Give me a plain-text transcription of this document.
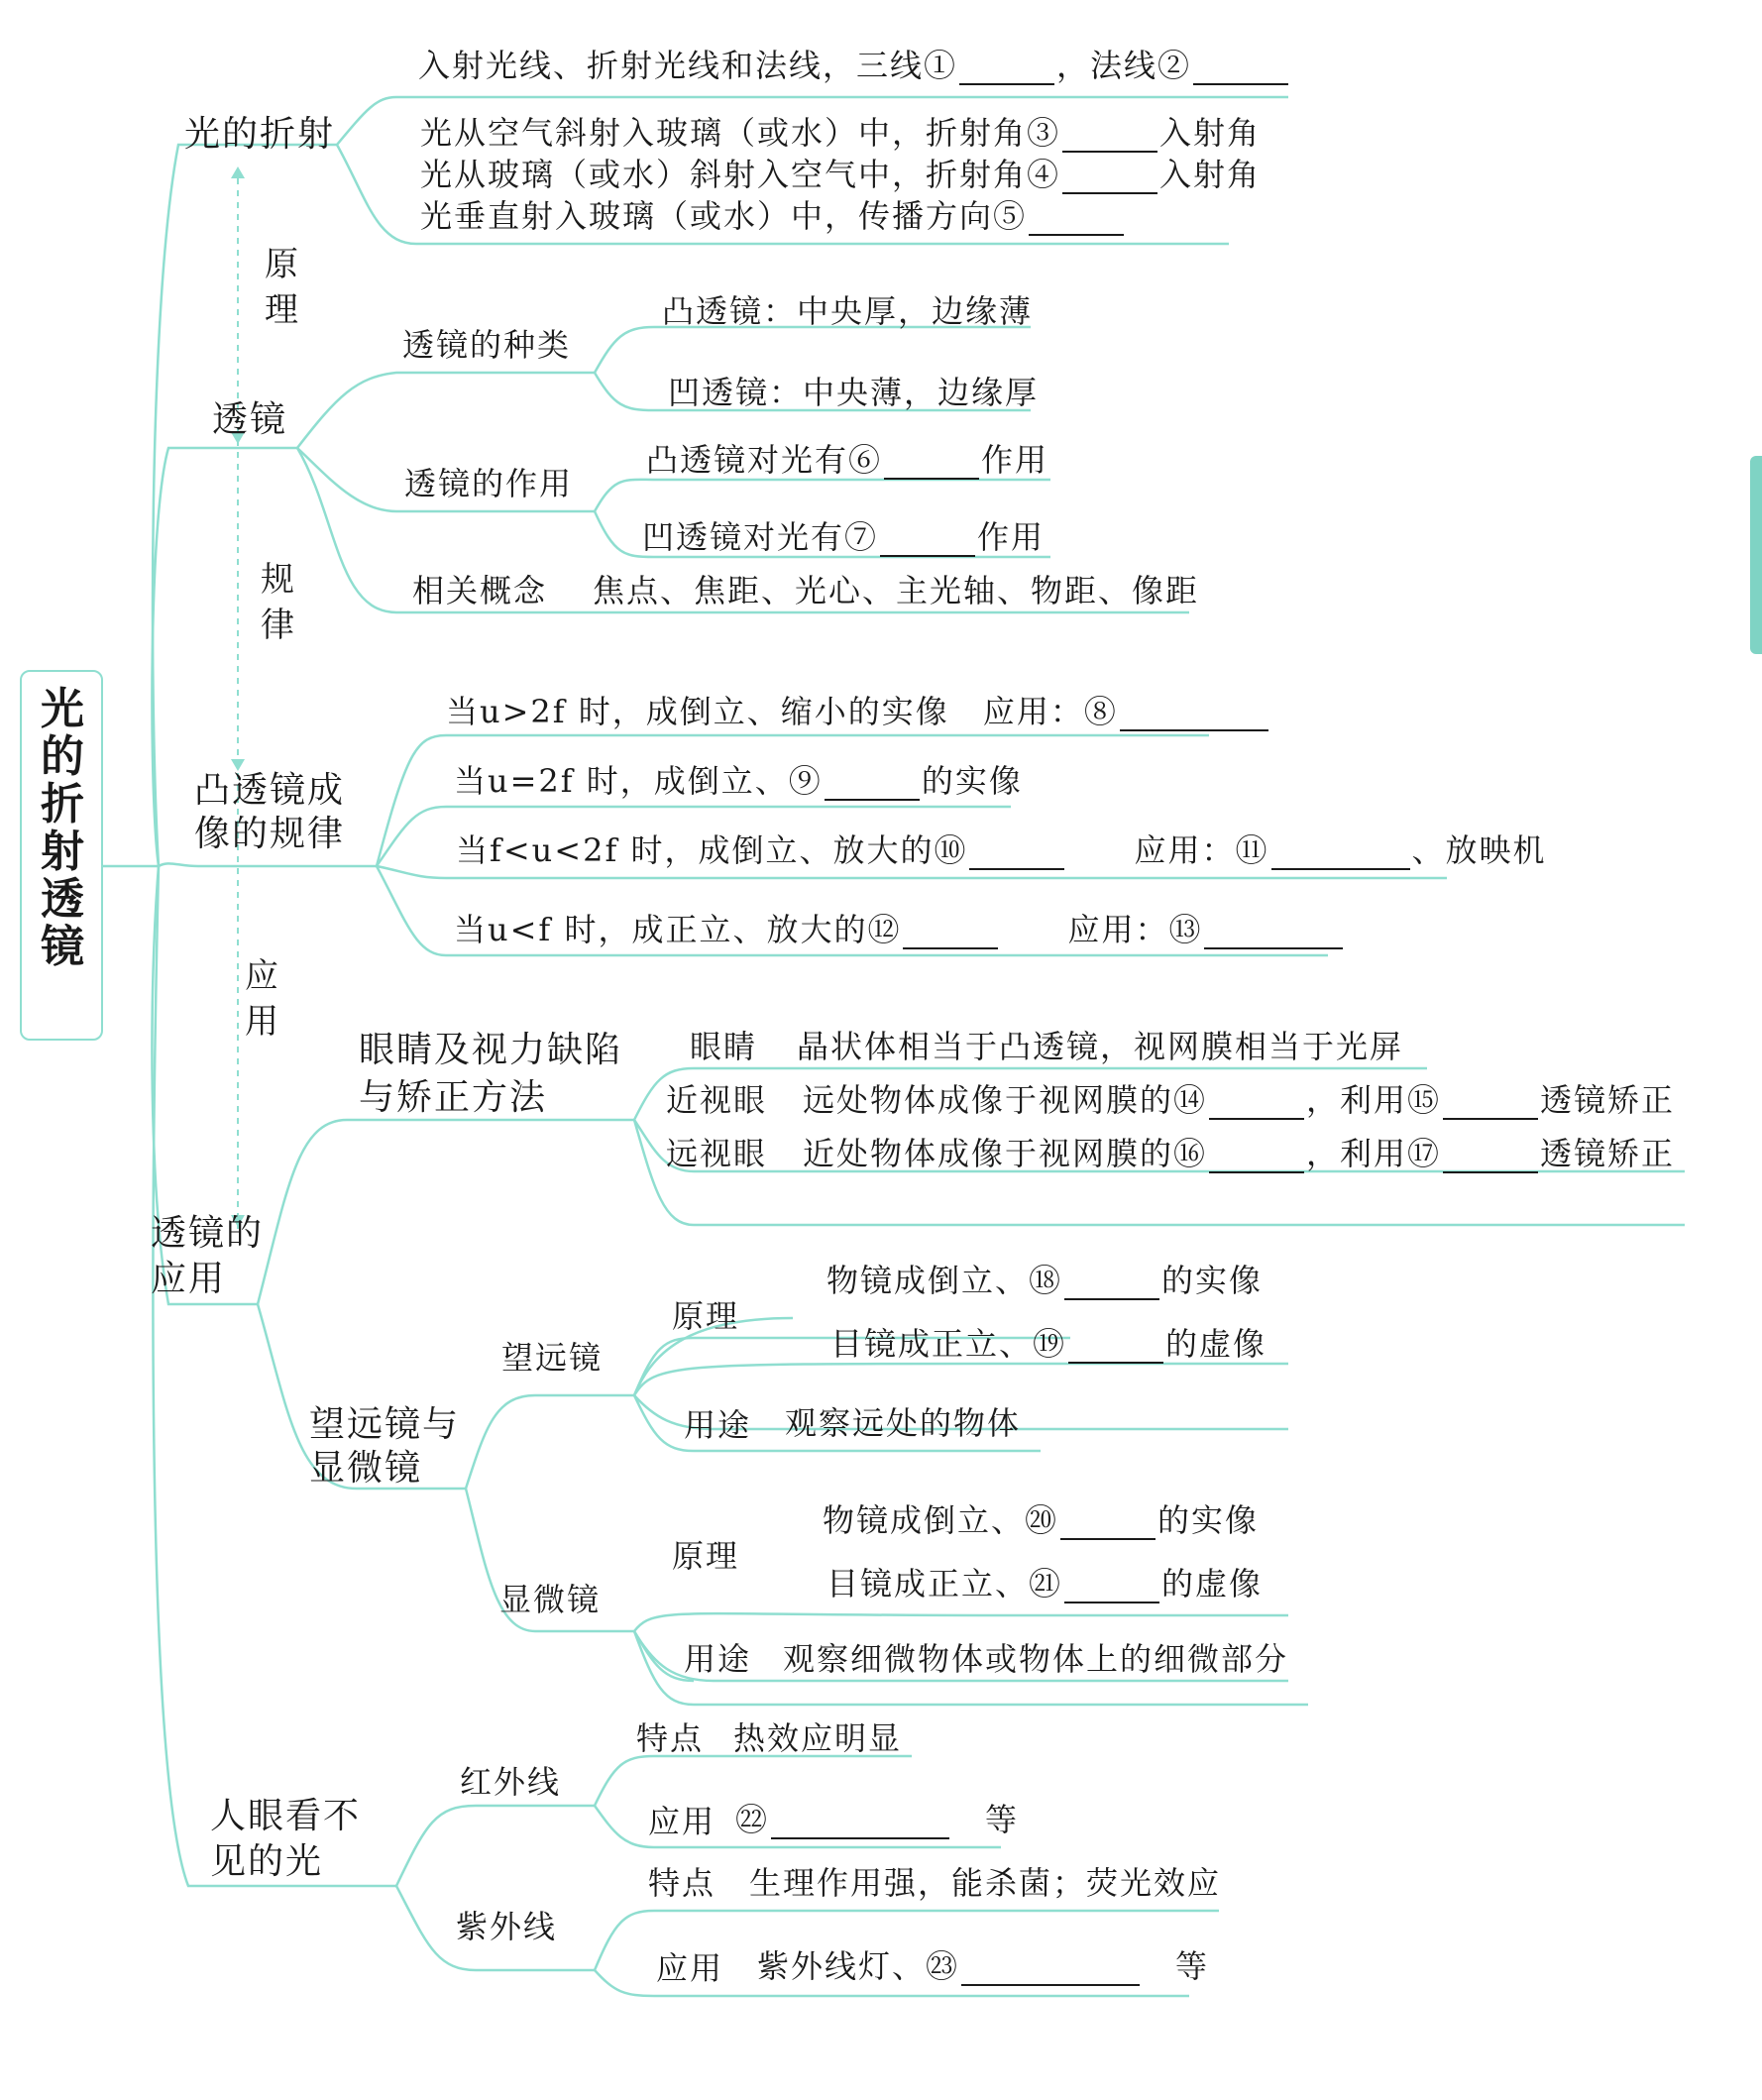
光的折射　透镜
原理
规律
应用
光的折射
入射光线、折射光线和法线，三线①	，法线②
光从空气斜射入玻璃（或水）中，折射角③	入射角
光从玻璃（或水）斜射入空气中，折射角④	入射角
光垂直射入玻璃（或水）中，传播方向⑤
透镜
透镜的种类
凸透镜：中央厚，边缘薄
凹透镜：中央薄，边缘厚
透镜的作用
凸透镜对光有⑥	作用
凹透镜对光有⑦	作用
相关概念 焦点、焦距、光心、主光轴、物距、像距
凸透镜成像的规律
当u>2f 时，成倒立、缩小的实像　 应用：⑧
当u=2f 时，成倒立、⑨	的实像
当f<u<2f 时，成倒立、放大的⑩　　	应用：⑪	、放映机
当u<f 时，成正立、放大的⑫　　	应用：⑬
透镜的应用
眼睛及视力缺陷与矫正方法
眼睛 晶状体相当于凸透镜，视网膜相当于光屏
近视眼 远处物体成像于视网膜的⑭	，利用⑮	透镜矫正
远视眼 近处物体成像于视网膜的⑯	，利用⑰	透镜矫正
望远镜与显微镜
望远镜
原理
物镜成倒立、⑱	的实像
目镜成正立、⑲	的虚像
用途 观察远处的物体
显微镜
原理
物镜成倒立、⑳	的实像
目镜成正立、㉑	的虚像
用途 观察细微物体或物体上的细微部分
人眼看不见的光
红外线
特点 热效应明显
应用 ㉒　	等
紫外线
特点 生理作用强，能杀菌；荧光效应
应用 紫外线灯、㉓　	等
